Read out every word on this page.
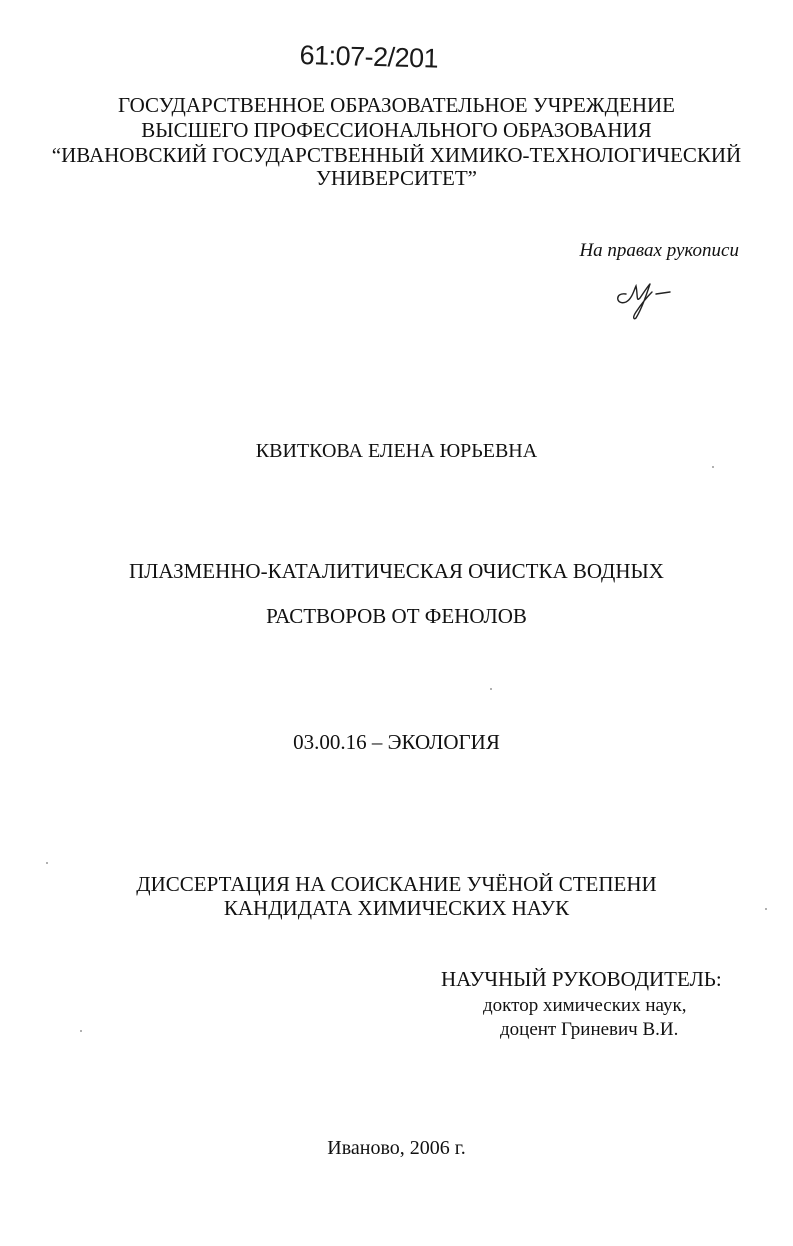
61:07-2/201
ГОСУДАРСТВЕННОЕ ОБРАЗОВАТЕЛЬНОЕ УЧРЕЖДЕНИЕ
ВЫСШЕГО ПРОФЕССИОНАЛЬНОГО ОБРАЗОВАНИЯ
“ИВАНОВСКИЙ ГОСУДАРСТВЕННЫЙ ХИМИКО-ТЕХНОЛОГИЧЕСКИЙ
УНИВЕРСИТЕТ”
На правах рукописи
КВИТКОВА ЕЛЕНА ЮРЬЕВНА
ПЛАЗМЕННО-КАТАЛИТИЧЕСКАЯ ОЧИСТКА ВОДНЫХ
РАСТВОРОВ ОТ ФЕНОЛОВ
03.00.16 – ЭКОЛОГИЯ
ДИССЕРТАЦИЯ НА СОИСКАНИЕ УЧЁНОЙ СТЕПЕНИ
КАНДИДАТА ХИМИЧЕСКИХ НАУК
НАУЧНЫЙ РУКОВОДИТЕЛЬ:
доктор химических наук,
доцент Гриневич В.И.
Иваново, 2006 г.
